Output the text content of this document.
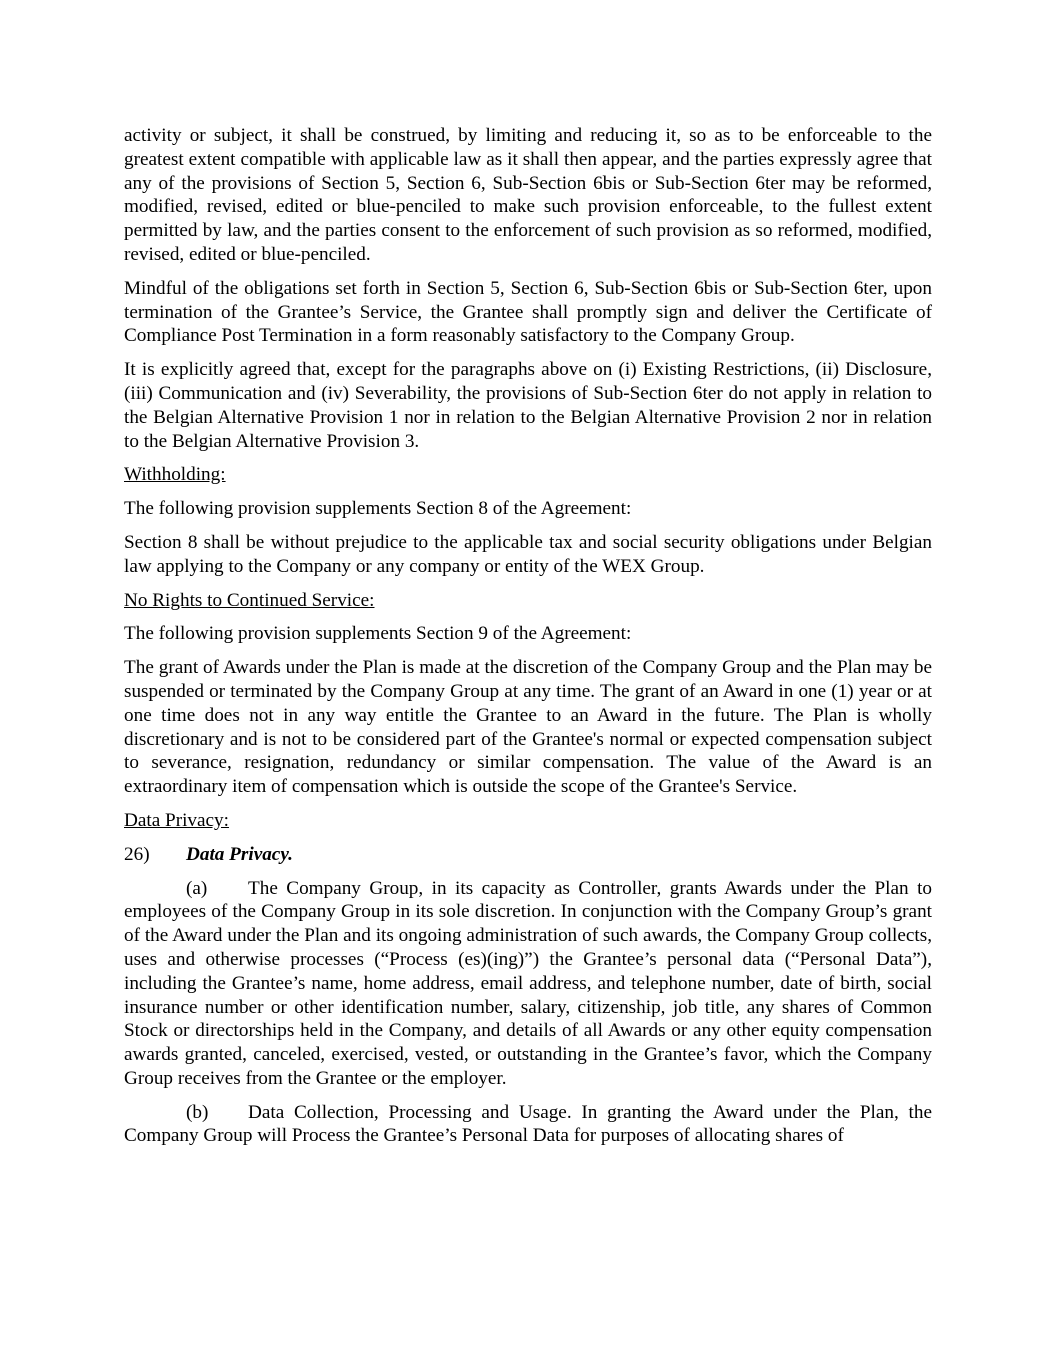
activity or subject, it shall be construed, by limiting and reducing it, so as to be enforceable to the greatest extent compatible with applicable law as it shall then appear, and the parties expressly agree that any of the provisions of Section 5, Section 6, Sub-Section 6bis or Sub-Section 6ter may be reformed, modified, revised, edited or blue-penciled to make such provision enforceable, to the fullest extent permitted by law, and the parties consent to the enforcement of such provision as so reformed, modified, revised, edited or blue-penciled.

Mindful of the obligations set forth in Section 5, Section 6, Sub-Section 6bis or Sub-Section 6ter, upon termination of the Grantee’s Service, the Grantee shall promptly sign and deliver the Certificate of Compliance Post Termination in a form reasonably satisfactory to the Company Group.

It is explicitly agreed that, except for the paragraphs above on (i) Existing Restrictions, (ii) Disclosure, (iii) Communication and (iv) Severability, the provisions of Sub-Section 6ter do not apply in relation to the Belgian Alternative Provision 1 nor in relation to the Belgian Alternative Provision 2 nor in relation to the Belgian Alternative Provision 3.

Withholding:

The following provision supplements Section 8 of the Agreement:

Section 8 shall be without prejudice to the applicable tax and social security obligations under Belgian law applying to the Company or any company or entity of the WEX Group.

No Rights to Continued Service:

The following provision supplements Section 9 of the Agreement:

The grant of Awards under the Plan is made at the discretion of the Company Group and the Plan may be suspended or terminated by the Company Group at any time. The grant of an Award in one (1) year or at one time does not in any way entitle the Grantee to an Award in the future. The Plan is wholly discretionary and is not to be considered part of the Grantee's normal or expected compensation subject to severance, resignation, redundancy or similar compensation. The value of the Award is an extraordinary item of compensation which is outside the scope of the Grantee's Service.

Data Privacy:

26) Data Privacy.

(a) The Company Group, in its capacity as Controller, grants Awards under the Plan to employees of the Company Group in its sole discretion. In conjunction with the Company Group’s grant of the Award under the Plan and its ongoing administration of such awards, the Company Group collects, uses and otherwise processes (“Process (es)(ing)”) the Grantee’s personal data (“Personal Data”), including the Grantee’s name, home address, email address, and telephone number, date of birth, social insurance number or other identification number, salary, citizenship, job title, any shares of Common Stock or directorships held in the Company, and details of all Awards or any other equity compensation awards granted, canceled, exercised, vested, or outstanding in the Grantee’s favor, which the Company Group receives from the Grantee or the employer.

(b) Data Collection, Processing and Usage. In granting the Award under the Plan, the Company Group will Process the Grantee’s Personal Data for purposes of allocating shares of
